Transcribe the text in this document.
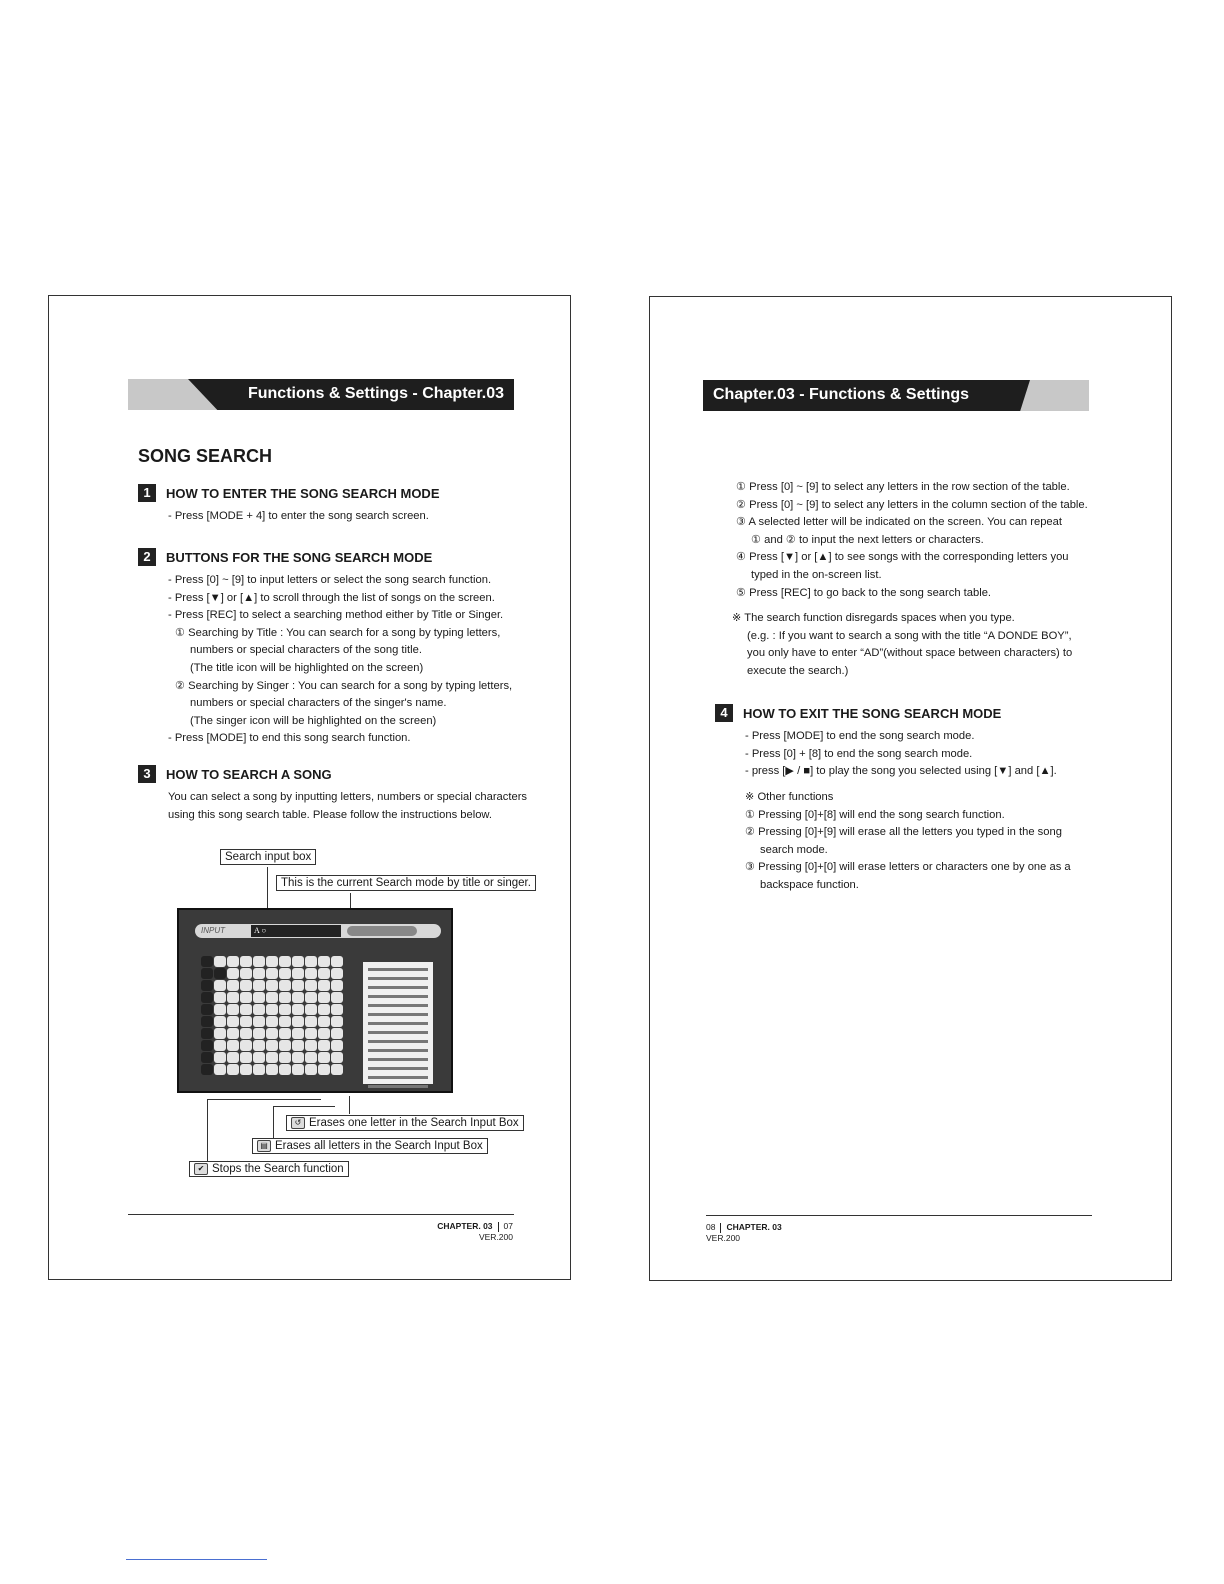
Functions & Settings - Chapter.03
SONG SEARCH
1	HOW TO ENTER THE SONG SEARCH MODE
- Press [MODE + 4] to enter the song search screen.
2	BUTTONS FOR THE SONG SEARCH MODE
- Press [0] ~ [9] to input letters or select the song search function.
- Press [▼] or [▲] to scroll through the list of songs on the screen.
- Press [REC] to select a searching method either by Title or Singer.
① Searching by Title : You can search for a song by typing letters,
numbers or special characters of the song title.
(The title icon will be highlighted on the screen)
② Searching by Singer : You can search for a song by typing letters,
numbers or special characters of the singer's name.
(The singer icon will be highlighted on the screen)
- Press [MODE] to end this song search function.
3	HOW TO SEARCH A SONG
You can select a song by inputting letters, numbers or special characters
using this song search table. Please follow the instructions below.
Search input box
This is the current Search mode by title or singer.
INPUT	A ○
↺ Erases one letter in the Search Input Box
▤ Erases all letters in the Search Input Box
✔ Stops the Search function
CHAPTER. 03 07
VER.200
Chapter.03 - Functions & Settings
① Press [0] ~ [9] to select any letters in the row section of the table.
② Press [0] ~ [9] to select any letters in the column section of the table.
③ A selected letter will be indicated on the screen. You can repeat
① and ② to input the next letters or characters.
④ Press [▼] or [▲] to see songs with the corresponding letters you
typed in the on-screen list.
⑤ Press [REC] to go back to the song search table.
※ The search function disregards spaces when you type.
(e.g. : If you want to search a song with the title “A DONDE BOY”,
you only have to enter “AD”(without space between characters) to
execute the search.)
4	HOW TO EXIT THE SONG SEARCH MODE
- Press [MODE] to end the song search mode.
- Press [0] + [8] to end the song search mode.
- press [▶ / ■] to play the song you selected using [▼] and [▲].
※ Other functions
① Pressing [0]+[8] will end the song search function.
② Pressing [0]+[9] will erase all the letters you typed in the song
search mode.
③ Pressing [0]+[0] will erase letters or characters one by one as a
backspace function.
08 CHAPTER. 03
VER.200
